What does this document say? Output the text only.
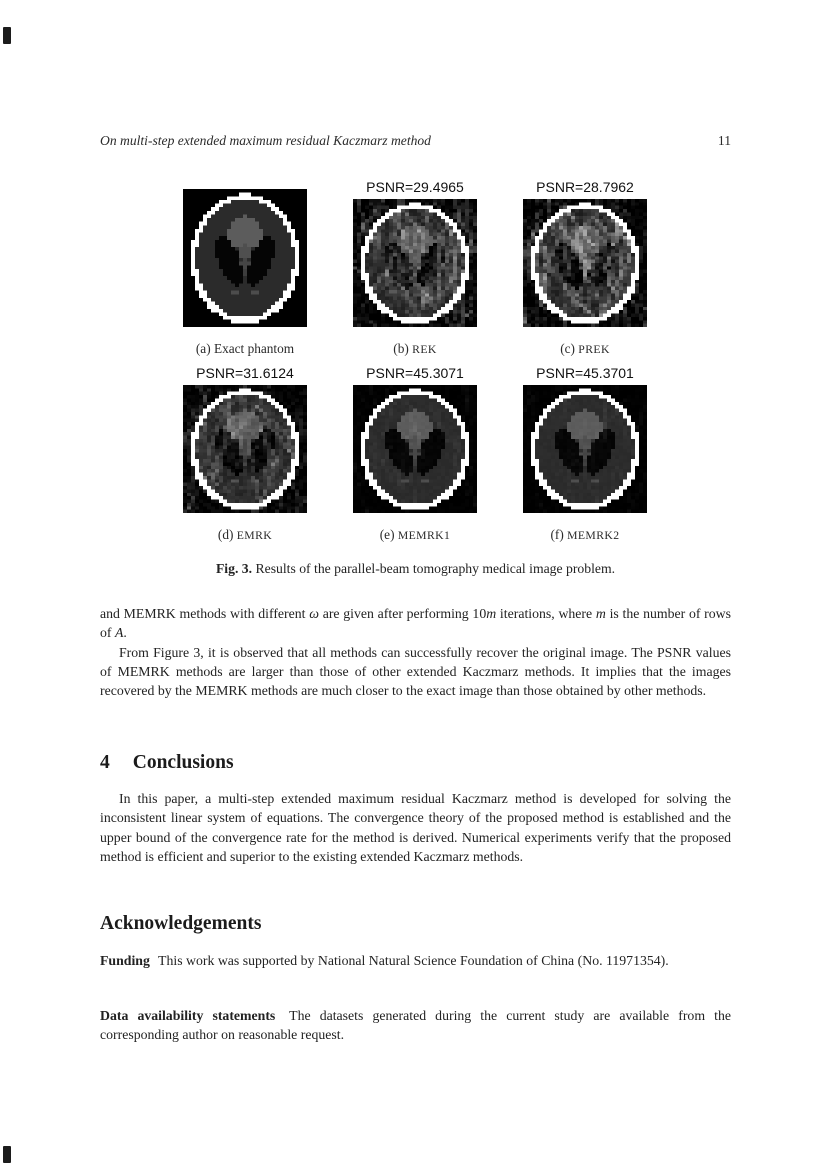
On multi-step extended maximum residual Kaczmarz method	11
(a) Exact phantom
PSNR=29.4965
(b) REK
PSNR=28.7962
(c) PREK
PSNR=31.6124
(d) EMRK
PSNR=45.3071
(e) MEMRK1
PSNR=45.3701
(f) MEMRK2
Fig. 3. Results of the parallel-beam tomography medical image problem.

and MEMRK methods with different ω are given after performing 10m iterations, where m is the number of rows of A.

From Figure 3, it is observed that all methods can successfully recover the original image. The PSNR values of MEMRK methods are larger than those of other extended Kaczmarz methods. It implies that the images recovered by the MEMRK methods are much closer to the exact image than those obtained by other methods.

4 Conclusions

In this paper, a multi-step extended maximum residual Kaczmarz method is developed for solving the inconsistent linear system of equations. The convergence theory of the proposed method is established and the upper bound of the convergence rate for the method is derived. Numerical experiments verify that the proposed method is efficient and superior to the existing extended Kaczmarz methods.

Acknowledgements

Funding This work was supported by National Natural Science Foundation of China (No. 11971354).

Data availability statements The datasets generated during the current study are available from the corresponding author on reasonable request.
